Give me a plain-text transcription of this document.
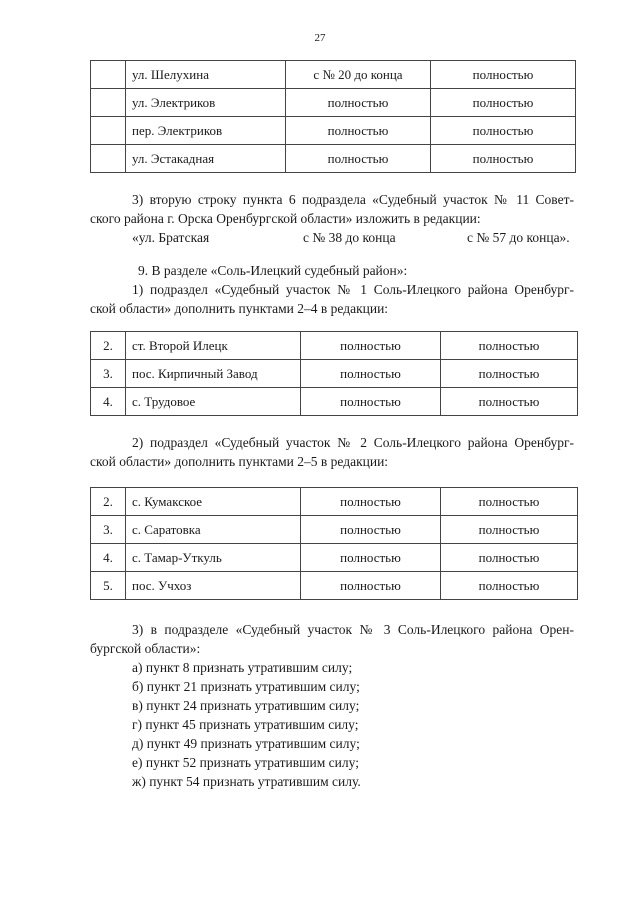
27
	ул. Шелухина	с № 20 до конца	полностью
	ул. Электриков	полностью	полностью
	пер. Электриков	полностью	полностью
	ул. Эстакадная	полностью	полностью
3) вторую строку пункта 6 подраздела «Судебный участок № 11 Совет-
ского района г. Орска Оренбургской области» изложить в редакции:
«ул. Братская	с № 38 до конца	с № 57 до конца».
9. В разделе «Соль-Илецкий судебный район»:
1) подраздел «Судебный участок № 1 Соль-Илецкого района Оренбург-
ской области» дополнить пунктами 2–4 в редакции:
2.	ст. Второй Илецк	полностью	полностью
3.	пос. Кирпичный Завод	полностью	полностью
4.	с. Трудовое	полностью	полностью
2) подраздел «Судебный участок № 2 Соль-Илецкого района Оренбург-
ской области» дополнить пунктами 2–5 в редакции:
2.	с. Кумакское	полностью	полностью
3.	с. Саратовка	полностью	полностью
4.	с. Тамар-Уткуль	полностью	полностью
5.	пос. Учхоз	полностью	полностью
3) в подразделе «Судебный участок № 3 Соль-Илецкого района Орен-
бургской области»:
а) пункт 8 признать утратившим силу;
б) пункт 21 признать утратившим силу;
в) пункт 24 признать утратившим силу;
г) пункт 45 признать утратившим силу;
д) пункт 49 признать утратившим силу;
е) пункт 52 признать утратившим силу;
ж) пункт 54 признать утратившим силу.
